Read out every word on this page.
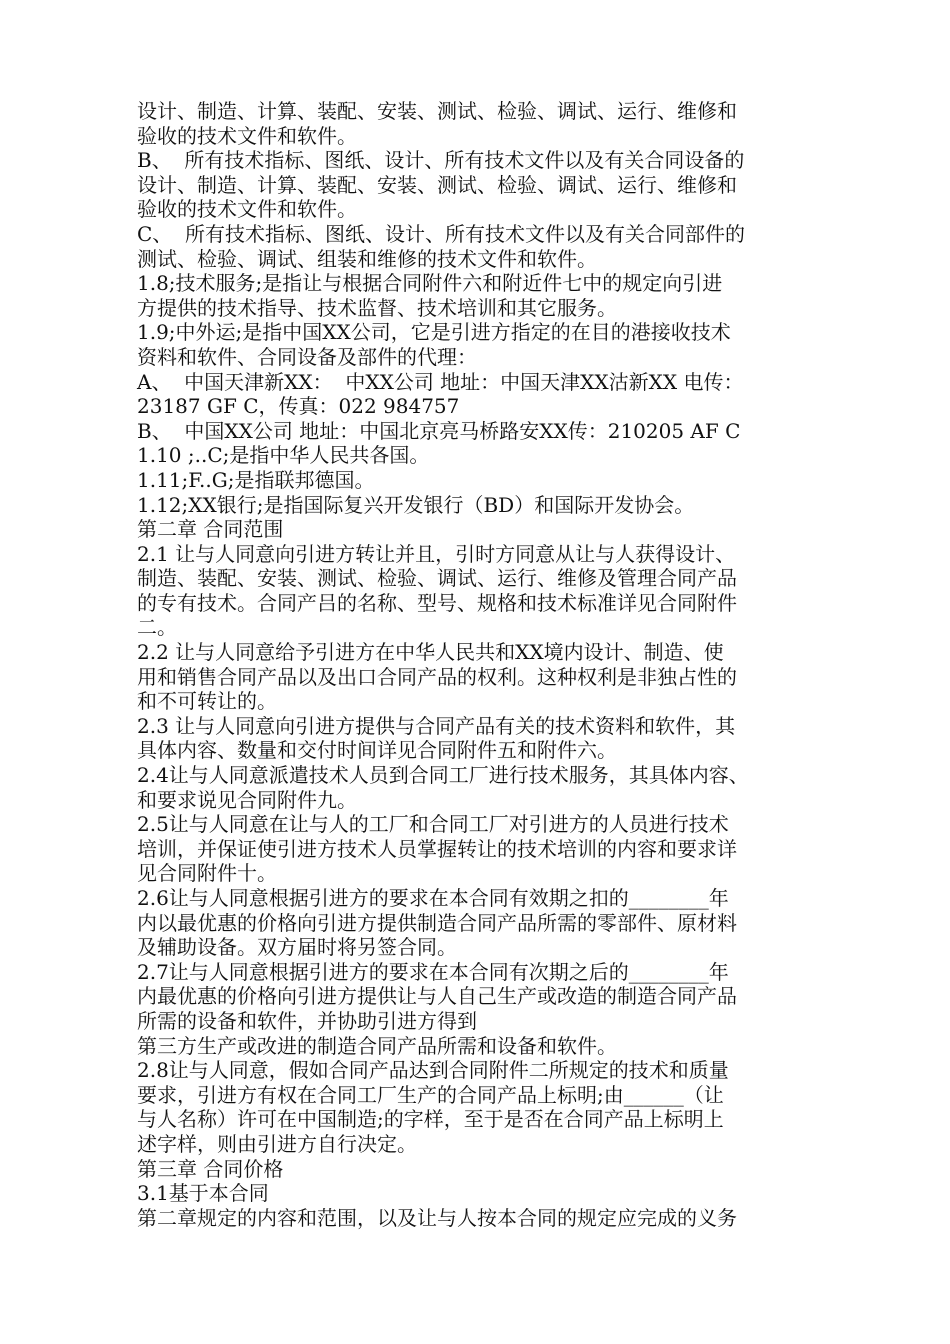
设计、制造、计算、装配、安装、测试、检验、调试、运行、维修和
验收的技术文件和软件。
B、  所有技术指标、图纸、设计、所有技术文件以及有关合同设备的
设计、制造、计算、装配、安装、测试、检验、调试、运行、维修和
验收的技术文件和软件。
C、  所有技术指标、图纸、设计、所有技术文件以及有关合同部件的
测试、检验、调试、组装和维修的技术文件和软件。
1.8;技术服务;是指让与根据合同附件六和附近件七中的规定向引进
方提供的技术指导、技术监督、技术培训和其它服务。
1.9;中外运;是指中国XX公司，它是引进方指定的在目的港接收技术
资料和软件、合同设备及部件的代理：
A、  中国天津新XX：  中XX公司 地址：中国天津XX沽新XX 电传：
23187 GF C，传真：022 984757
B、  中国XX公司 地址：中国北京亮马桥路安XX传：210205 AF C
1.10 ;..C;是指中华人民共各国。
1.11;F..G;是指联邦德国。
1.12;XX银行;是指国际复兴开发银行（BD）和国际开发协会。
第二章 合同范围
2.1 让与人同意向引进方转让并且，引时方同意从让与人获得设计、
制造、装配、安装、测试、检验、调试、运行、维修及管理合同产品
的专有技术。合同产吕的名称、型号、规格和技术标准详见合同附件
二。
2.2 让与人同意给予引进方在中华人民共和XX境内设计、制造、使
用和销售合同产品以及出口合同产品的权利。这种权利是非独占性的
和不可转让的。
2.3 让与人同意向引进方提供与合同产品有关的技术资料和软件，其
具体内容、数量和交付时间详见合同附件五和附件六。
2.4让与人同意派遣技术人员到合同工厂进行技术服务，其具体内容、
和要求说见合同附件九。
2.5让与人同意在让与人的工厂和合同工厂对引进方的人员进行技术
培训，并保证使引进方技术人员掌握转让的技术培训的内容和要求详
见合同附件十。
2.6让与人同意根据引进方的要求在本合同有效期之扣的________年
内以最优惠的价格向引进方提供制造合同产品所需的零部件、原材料
及辅助设备。双方届时将另签合同。
2.7让与人同意根据引进方的要求在本合同有次期之后的________年
内最优惠的价格向引进方提供让与人自己生产或改造的制造合同产品
所需的设备和软件，并协助引进方得到
第三方生产或改进的制造合同产品所需和设备和软件。
2.8让与人同意，假如合同产品达到合同附件二所规定的技术和质量
要求，引进方有权在合同工厂生产的合同产品上标明;由______（让
与人名称）许可在中国制造;的字样，至于是否在合同产品上标明上
述字样，则由引进方自行决定。
第三章 合同价格
3.1基于本合同
第二章规定的内容和范围，以及让与人按本合同的规定应完成的义务
